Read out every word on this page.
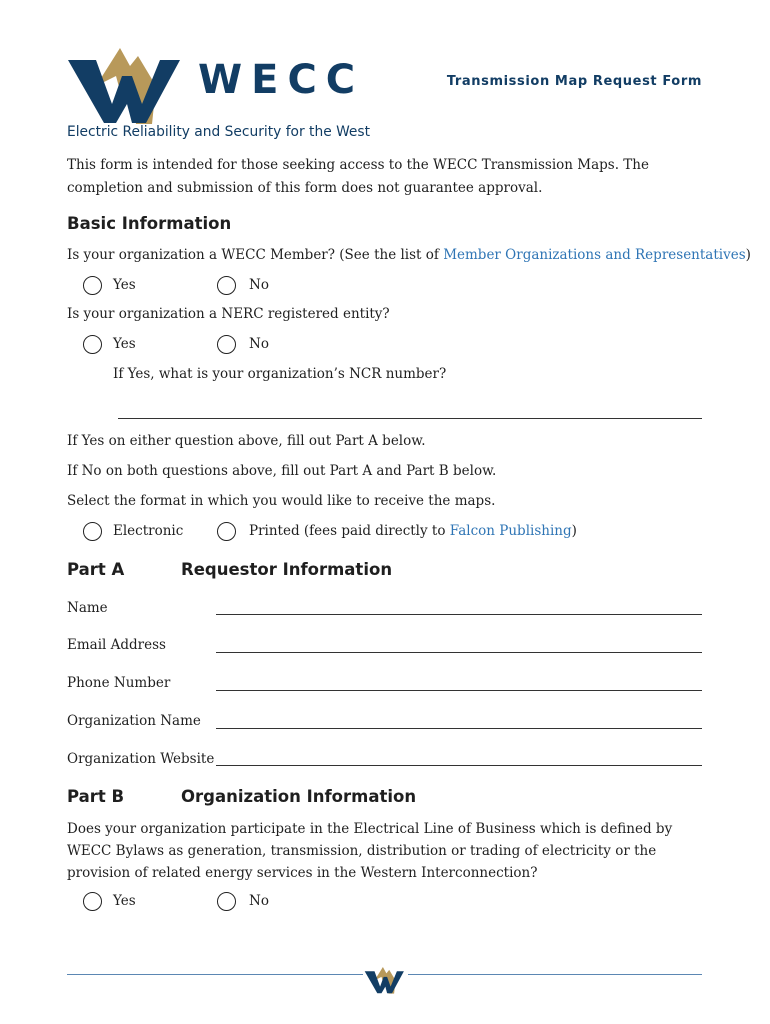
WECC
Electric Reliability and Security for the West
Transmission Map Request Form
This form is intended for those seeking access to the WECC Transmission Maps. The completion and submission of this form does not guarantee approval.
Basic Information
Is your organization a WECC Member? (See the list of Member Organizations and Representatives)
Yes	No
Is your organization a NERC registered entity?
Yes	No
If Yes, what is your organization’s NCR number?
If Yes on either question above, fill out Part A below.
If No on both questions above, fill out Part A and Part B below.
Select the format in which you would like to receive the maps.
Electronic	Printed (fees paid directly to Falcon Publishing)
Part A	Requestor Information
Name
Email Address
Phone Number
Organization Name
Organization Website
Part B	Organization Information
Does your organization participate in the Electrical Line of Business which is defined by WECC Bylaws as generation, transmission, distribution or trading of electricity or the provision of related energy services in the Western Interconnection?
Yes	No
